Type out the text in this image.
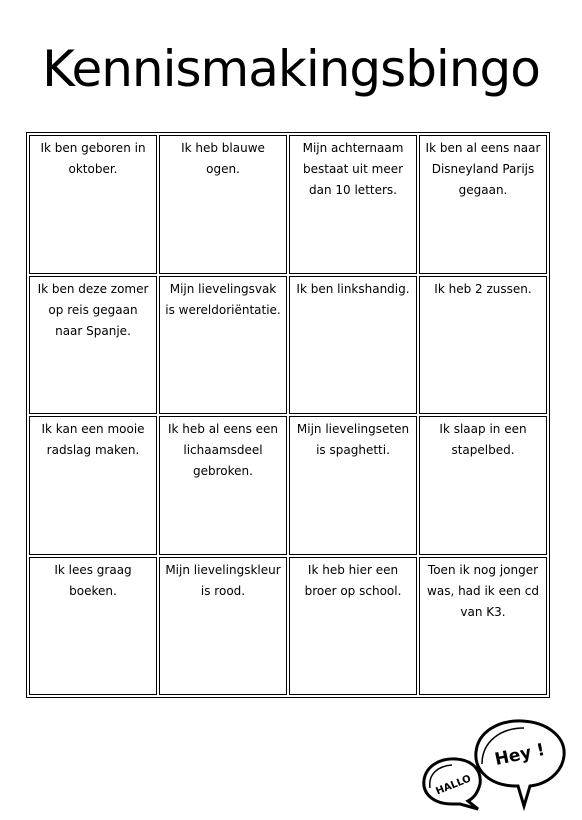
Kennismakingsbingo
Ik ben geboren in oktober.
Ik heb blauwe ogen.
Mijn achternaam bestaat uit meer dan 10 letters.
Ik ben al eens naar Disneyland Parijs gegaan.
Ik ben deze zomer op reis gegaan naar Spanje.
Mijn lievelingsvak is wereldoriëntatie.
Ik ben linkshandig.	Ik heb 2 zussen.
Ik kan een mooie radslag maken.
Ik heb al eens een lichaamsdeel gebroken.
Mijn lievelingseten is spaghetti.
Ik slaap in een stapelbed.
Ik lees graag boeken.
Mijn lievelingskleur is rood.
Ik heb hier een broer op school.
Toen ik nog jonger was, had ik een cd van K3.
Hey !
HALLO
